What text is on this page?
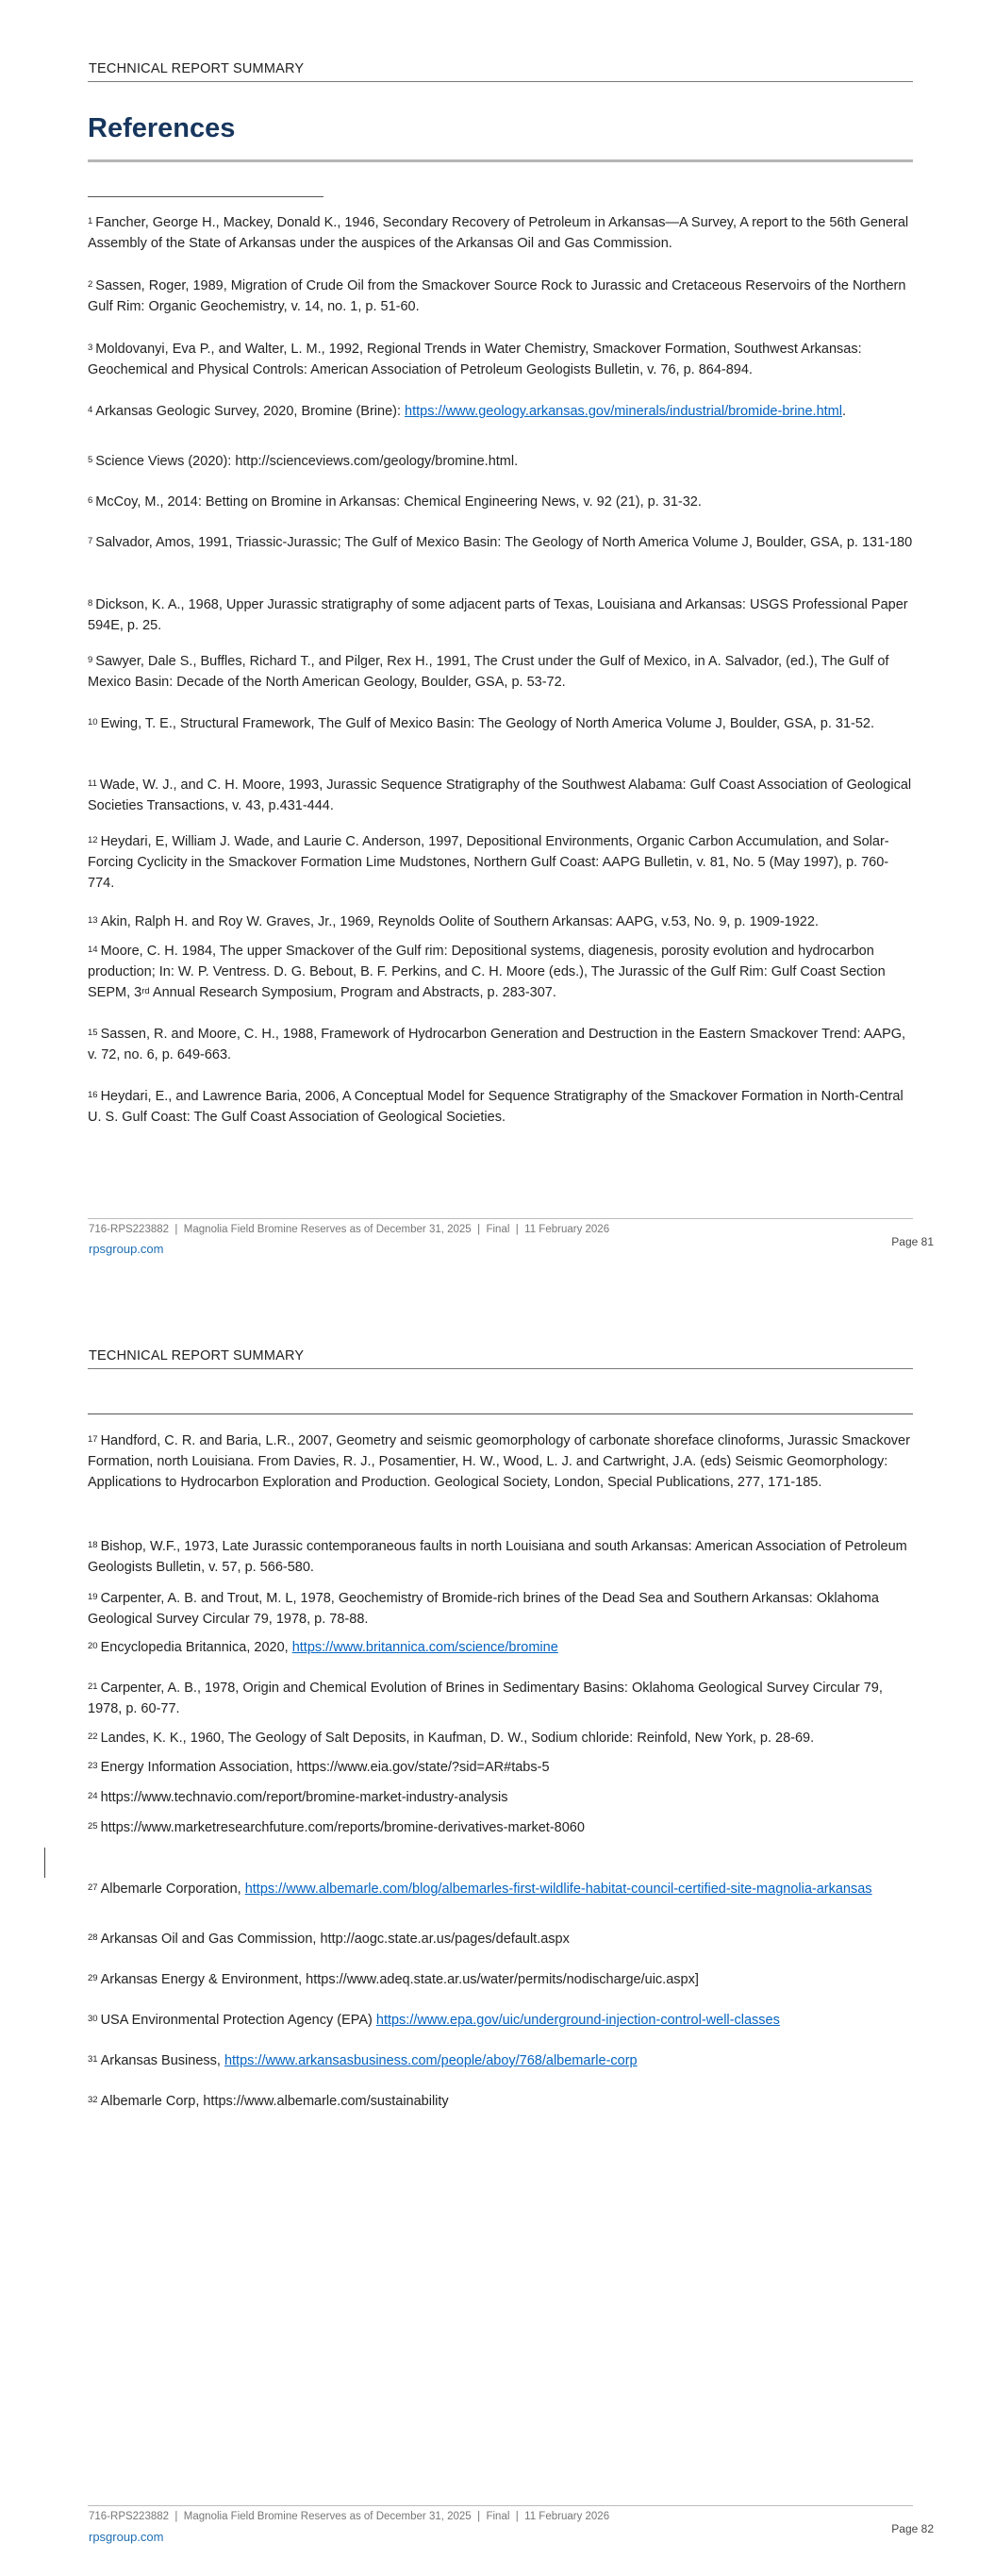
TECHNICAL REPORT SUMMARY
References

$^1$ Fancher, George H., Mackey, Donald K., 1946, Secondary Recovery of Petroleum in Arkansas—A Survey, A report to the 56th General Assembly of the State of Arkansas under the auspices of the Arkansas Oil and Gas Commission.

$^2$ Sassen, Roger, 1989, Migration of Crude Oil from the Smackover Source Rock to Jurassic and Cretaceous Reservoirs of the Northern Gulf Rim: Organic Geochemistry, v. 14, no. 1, p. 51-60.

$^3$ Moldovanyi, Eva P., and Walter, L. M., 1992, Regional Trends in Water Chemistry, Smackover Formation, Southwest Arkansas: Geochemical and Physical Controls: American Association of Petroleum Geologists Bulletin, v. 76, p. 864-894.

$^4$ Arkansas Geologic Survey, 2020, Bromine (Brine): https://www.geology.arkansas.gov/minerals/industrial/bromide-brine.html.

$^5$ Science Views (2020): http://scienceviews.com/geology/bromine.html.

$^6$ McCoy, M., 2014: Betting on Bromine in Arkansas: Chemical Engineering News, v. 92 (21), p. 31-32.

$^7$ Salvador, Amos, 1991, Triassic-Jurassic; The Gulf of Mexico Basin: The Geology of North America Volume J, Boulder, GSA, p. 131-180

$^8$ Dickson, K. A., 1968, Upper Jurassic stratigraphy of some adjacent parts of Texas, Louisiana and Arkansas: USGS Professional Paper 594E, p. 25.

$^9$ Sawyer, Dale S., Buffles, Richard T., and Pilger, Rex H., 1991, The Crust under the Gulf of Mexico, in A. Salvador, (ed.), The Gulf of Mexico Basin: Decade of the North American Geology, Boulder, GSA, p. 53-72.

$^{10}$ Ewing, T. E., Structural Framework, The Gulf of Mexico Basin: The Geology of North America Volume J, Boulder, GSA, p. 31-52.

$^{11}$ Wade, W. J., and C. H. Moore, 1993, Jurassic Sequence Stratigraphy of the Southwest Alabama: Gulf Coast Association of Geological Societies Transactions, v. 43, p.431-444.

$^{12}$ Heydari, E, William J. Wade, and Laurie C. Anderson, 1997, Depositional Environments, Organic Carbon Accumulation, and Solar-Forcing Cyclicity in the Smackover Formation Lime Mudstones, Northern Gulf Coast: AAPG Bulletin, v. 81, No. 5 (May 1997), p. 760-774.

$^{13}$ Akin, Ralph H. and Roy W. Graves, Jr., 1969, Reynolds Oolite of Southern Arkansas: AAPG, v.53, No. 9, p. 1909-1922.

$^{14}$ Moore, C. H. 1984, The upper Smackover of the Gulf rim: Depositional systems, diagenesis, porosity evolution and hydrocarbon production; In: W. P. Ventress. D. G. Bebout, B. F. Perkins, and C. H. Moore (eds.), The Jurassic of the Gulf Rim: Gulf Coast Section SEPM, 3rd Annual Research Symposium, Program and Abstracts, p. 283-307.

$^{15}$ Sassen, R. and Moore, C. H., 1988, Framework of Hydrocarbon Generation and Destruction in the Eastern Smackover Trend: AAPG, v. 72, no. 6, p. 649-663.

$^{16}$ Heydari, E., and Lawrence Baria, 2006, A Conceptual Model for Sequence Stratigraphy of the Smackover Formation in North-Central U. S. Gulf Coast: The Gulf Coast Association of Geological Societies.

716-RPS223882  |  Magnolia Field Bromine Reserves as of December 31, 2025  |  Final  |  11 February 2026
rpsgroup.com	Page 81
TECHNICAL REPORT SUMMARY

$^{17}$ Handford, C. R. and Baria, L.R., 2007, Geometry and seismic geomorphology of carbonate shoreface clinoforms, Jurassic Smackover Formation, north Louisiana. From Davies, R. J., Posamentier, H. W., Wood, L. J. and Cartwright, J.A. (eds) Seismic Geomorphology: Applications to Hydrocarbon Exploration and Production. Geological Society, London, Special Publications, 277, 171-185.

$^{18}$ Bishop, W.F., 1973, Late Jurassic contemporaneous faults in north Louisiana and south Arkansas: American Association of Petroleum Geologists Bulletin, v. 57, p. 566-580.

$^{19}$ Carpenter, A. B. and Trout, M. L, 1978, Geochemistry of Bromide-rich brines of the Dead Sea and Southern Arkansas: Oklahoma Geological Survey Circular 79, 1978, p. 78-88.

$^{20}$ Encyclopedia Britannica, 2020, https://www.britannica.com/science/bromine

$^{21}$ Carpenter, A. B., 1978, Origin and Chemical Evolution of Brines in Sedimentary Basins: Oklahoma Geological Survey Circular 79, 1978, p. 60-77.

$^{22}$ Landes, K. K., 1960, The Geology of Salt Deposits, in Kaufman, D. W., Sodium chloride: Reinfold, New York, p. 28-69.

$^{23}$ Energy Information Association, https://www.eia.gov/state/?sid=AR#tabs-5

$^{24}$ https://www.technavio.com/report/bromine-market-industry-analysis

$^{25}$ https://www.marketresearchfuture.com/reports/bromine-derivatives-market-8060

$^{27}$ Albemarle Corporation, https://www.albemarle.com/blog/albemarles-first-wildlife-habitat-council-certified-site-magnolia-arkansas

$^{28}$ Arkansas Oil and Gas Commission, http://aogc.state.ar.us/pages/default.aspx

$^{29}$ Arkansas Energy & Environment, https://www.adeq.state.ar.us/water/permits/nodischarge/uic.aspx]

$^{30}$ USA Environmental Protection Agency (EPA) https://www.epa.gov/uic/underground-injection-control-well-classes

$^{31}$ Arkansas Business, https://www.arkansasbusiness.com/people/aboy/768/albemarle-corp

$^{32}$ Albemarle Corp, https://www.albemarle.com/sustainability

716-RPS223882  |  Magnolia Field Bromine Reserves as of December 31, 2025  |  Final  |  11 February 2026
rpsgroup.com
Page 82
